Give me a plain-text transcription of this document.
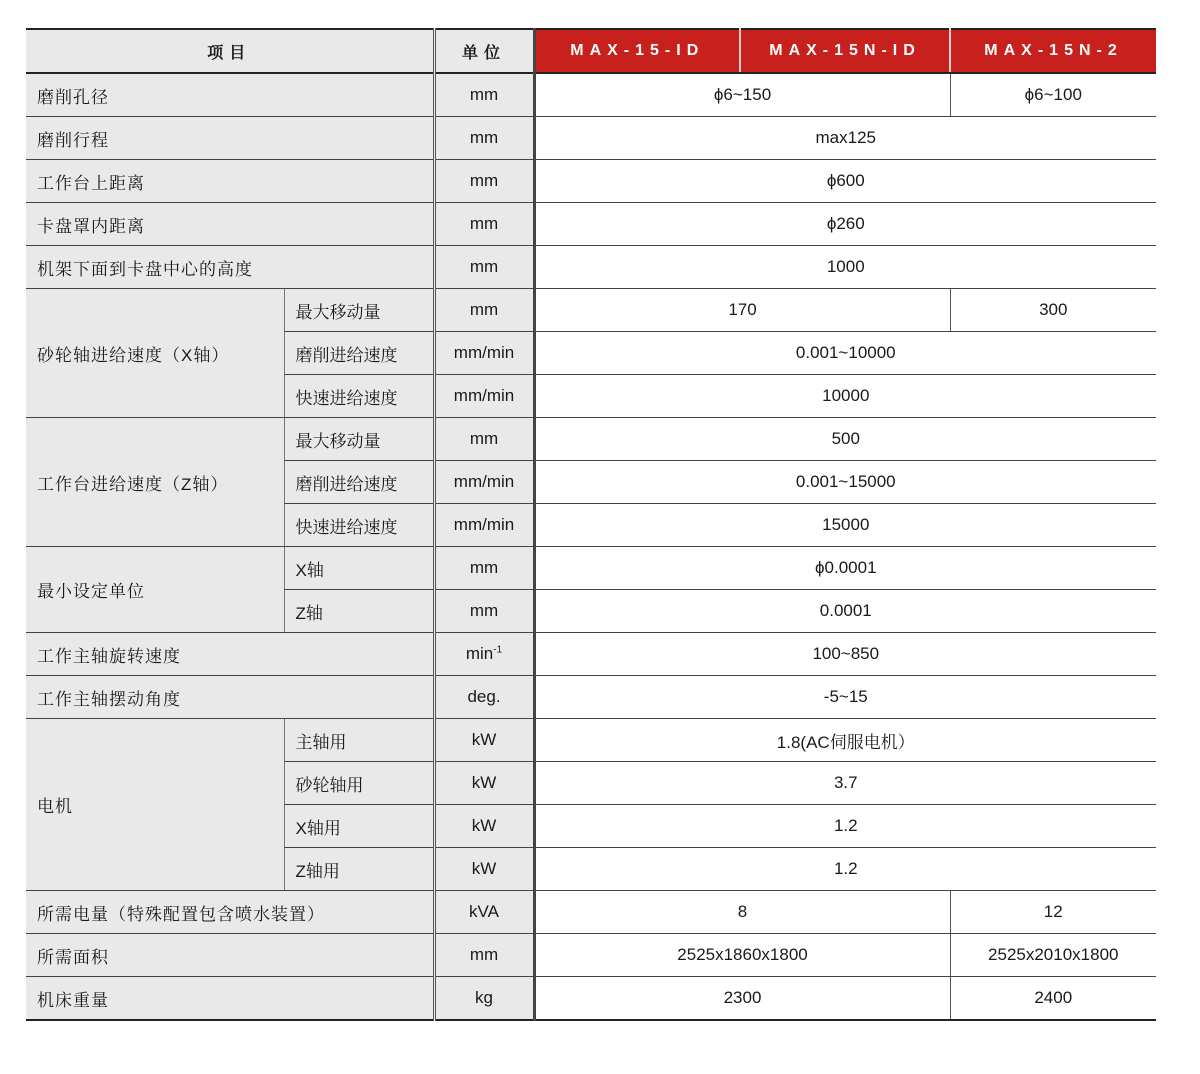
项目		单位	MAX-15-ID	MAX-15N-ID	MAX-15N-2
磨削孔径		mm	ϕ6~150		ϕ6~100
磨削行程		mm	max125		
工作台上距离		mm	ϕ600		
卡盘罩内距离		mm	ϕ260		
机架下面到卡盘中心的高度		mm	1000		
砂轮轴进给速度（X轴）	最大移动量	mm	170		300
	磨削进给速度	mm/min	0.001~10000		
	快速进给速度	mm/min	10000		
工作台进给速度（Z轴）	最大移动量	mm	500		
	磨削进给速度	mm/min	0.001~15000		
	快速进给速度	mm/min	15000		
最小设定单位	X轴	mm	ϕ0.0001		
	Z轴	mm	0.0001		
工作主轴旋转速度		$\min^{-1}$	100~850		
工作主轴摆动角度		deg.	-5~15		
电机	主轴用	kW	1.8(AC伺服电机）		
	砂轮轴用	kW	3.7		
	X轴用	kW	1.2		
	Z轴用	kW	1.2		
所需电量（特殊配置包含喷水装置）		kVA	8		12
所需面积		mm	2525x1860x1800		2525x2010x1800
机床重量		kg	2300		2400
